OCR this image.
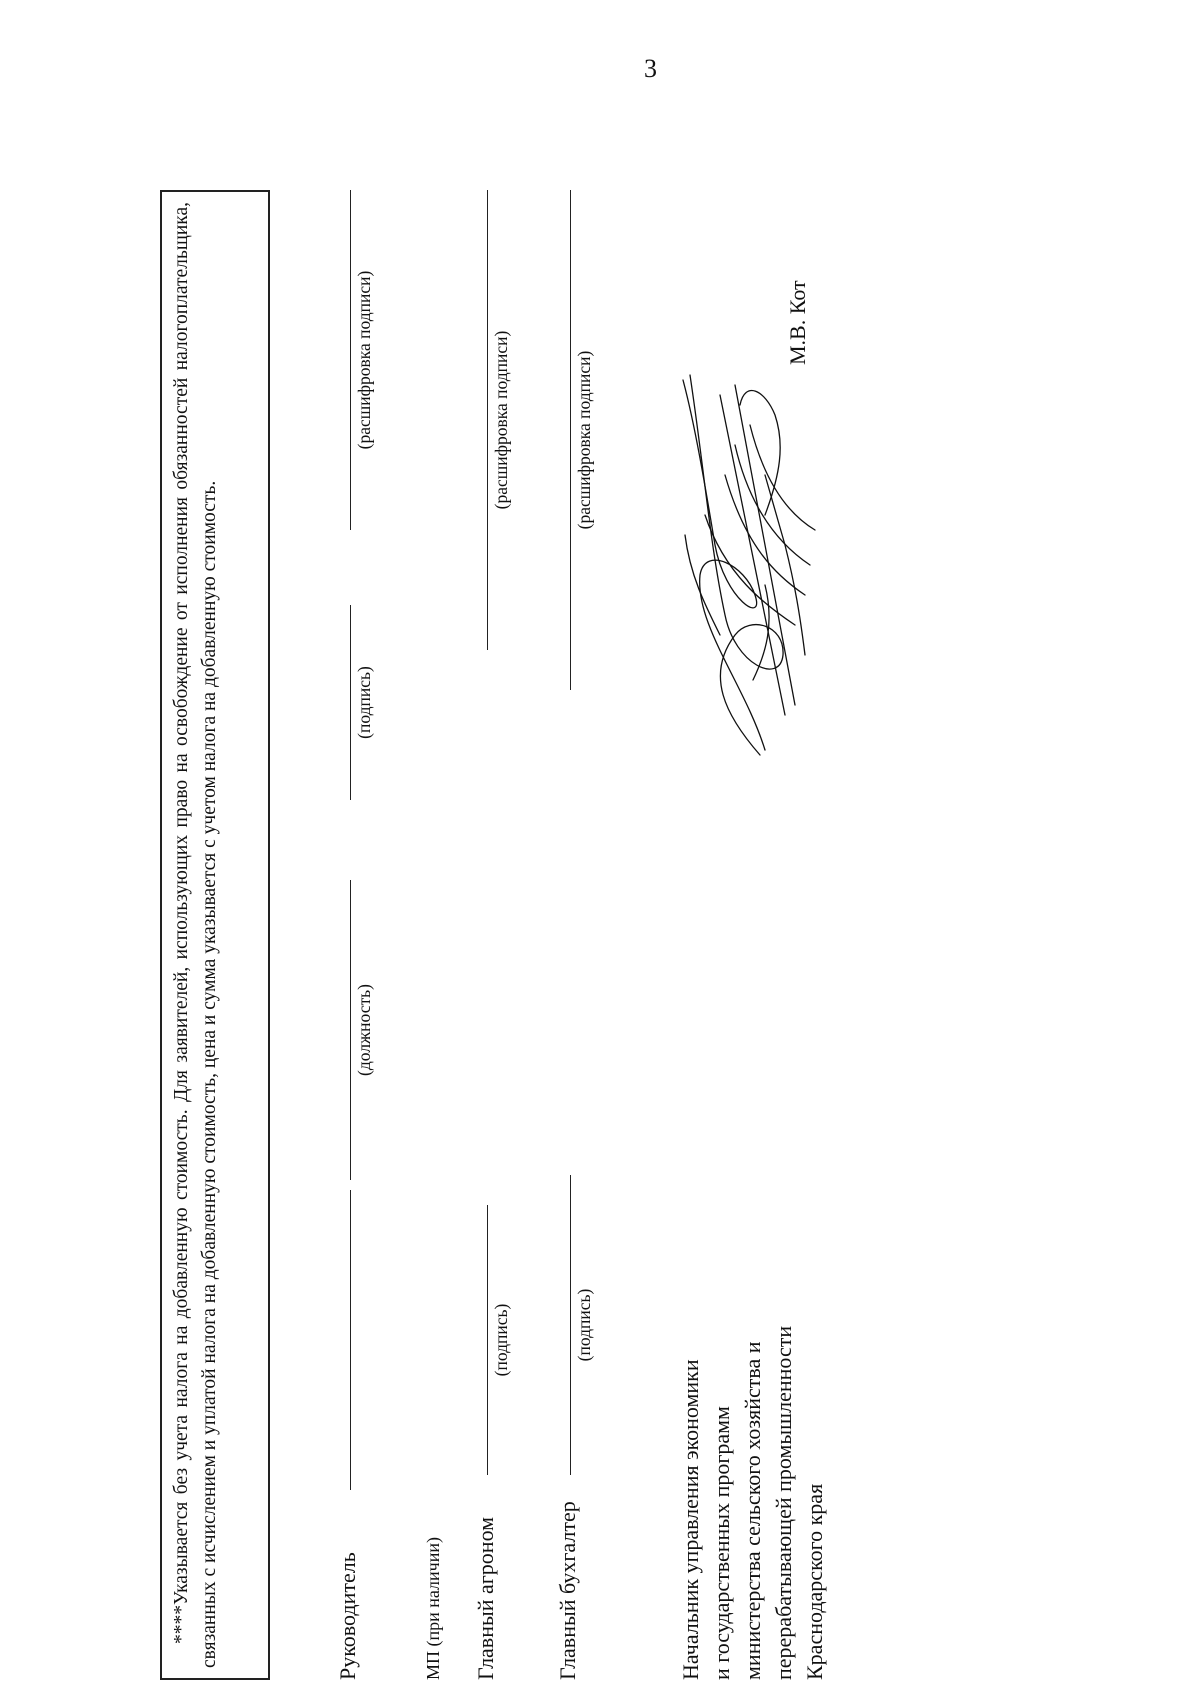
3

****Указывается без учета налога на добавленную стоимость. Для заявителей, использующих право на освобождение от исполнения обязанностей налогоплательщика, связанных с исчислением и уплатой налога на добавленную стоимость, цена и сумма указывается с учетом налога на добавленную стоимость.	Руководитель
(должность)
(подпись)
(расшифровка подписи)
МП (при наличии) Главный агроном
(подпись)
(расшифровка подписи)
Главный бухгалтер
(подпись)
(расшифровка подписи)
Начальник управления экономики и государственных программ министерства сельского хозяйства и перерабатывающей промышленности Краснодарского края
М.В. Кот
